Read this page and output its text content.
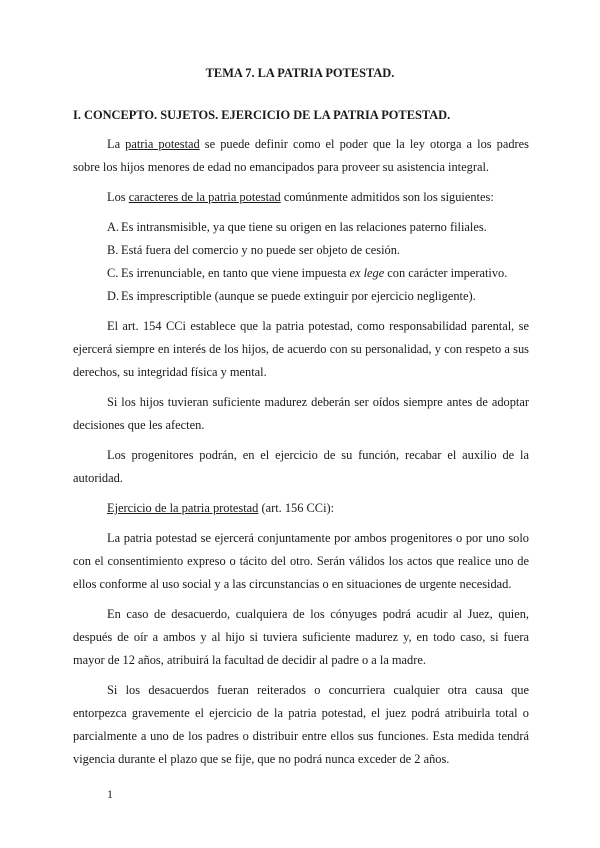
TEMA 7. LA PATRIA POTESTAD.
I. CONCEPTO. SUJETOS. EJERCICIO DE LA PATRIA POTESTAD.

La patria potestad se puede definir como el poder que la ley otorga a los padres sobre los hijos menores de edad no emancipados para proveer su asistencia integral.

Los caracteres de la patria potestad comúnmente admitidos son los siguientes:

A. Es intransmisible, ya que tiene su origen en las relaciones paterno filiales.
B. Está fuera del comercio y no puede ser objeto de cesión.
C. Es irrenunciable, en tanto que viene impuesta ex lege con carácter imperativo.
D. Es imprescriptible (aunque se puede extinguir por ejercicio negligente).

El art. 154 CCi establece que la patria potestad, como responsabilidad parental, se ejercerá siempre en interés de los hijos, de acuerdo con su personalidad, y con respeto a sus derechos, su integridad física y mental.

Si los hijos tuvieran suficiente madurez deberán ser oídos siempre antes de adoptar decisiones que les afecten.

Los progenitores podrán, en el ejercicio de su función, recabar el auxilio de la autoridad.

Ejercicio de la patria protestad (art. 156 CCi):

La patria potestad se ejercerá conjuntamente por ambos progenitores o por uno solo con el consentimiento expreso o tácito del otro. Serán válidos los actos que realice uno de ellos conforme al uso social y a las circunstancias o en situaciones de urgente necesidad.

En caso de desacuerdo, cualquiera de los cónyuges podrá acudir al Juez, quien, después de oír a ambos y al hijo si tuviera suficiente madurez y, en todo caso, si fuera mayor de 12 años, atribuirá la facultad de decidir al padre o a la madre.

Si los desacuerdos fueran reiterados o concurriera cualquier otra causa que entorpezca gravemente el ejercicio de la patria potestad, el juez podrá atribuirla total o parcialmente a uno de los padres o distribuir entre ellos sus funciones. Esta medida tendrá vigencia durante el plazo que se fije, que no podrá nunca exceder de 2 años.

1
